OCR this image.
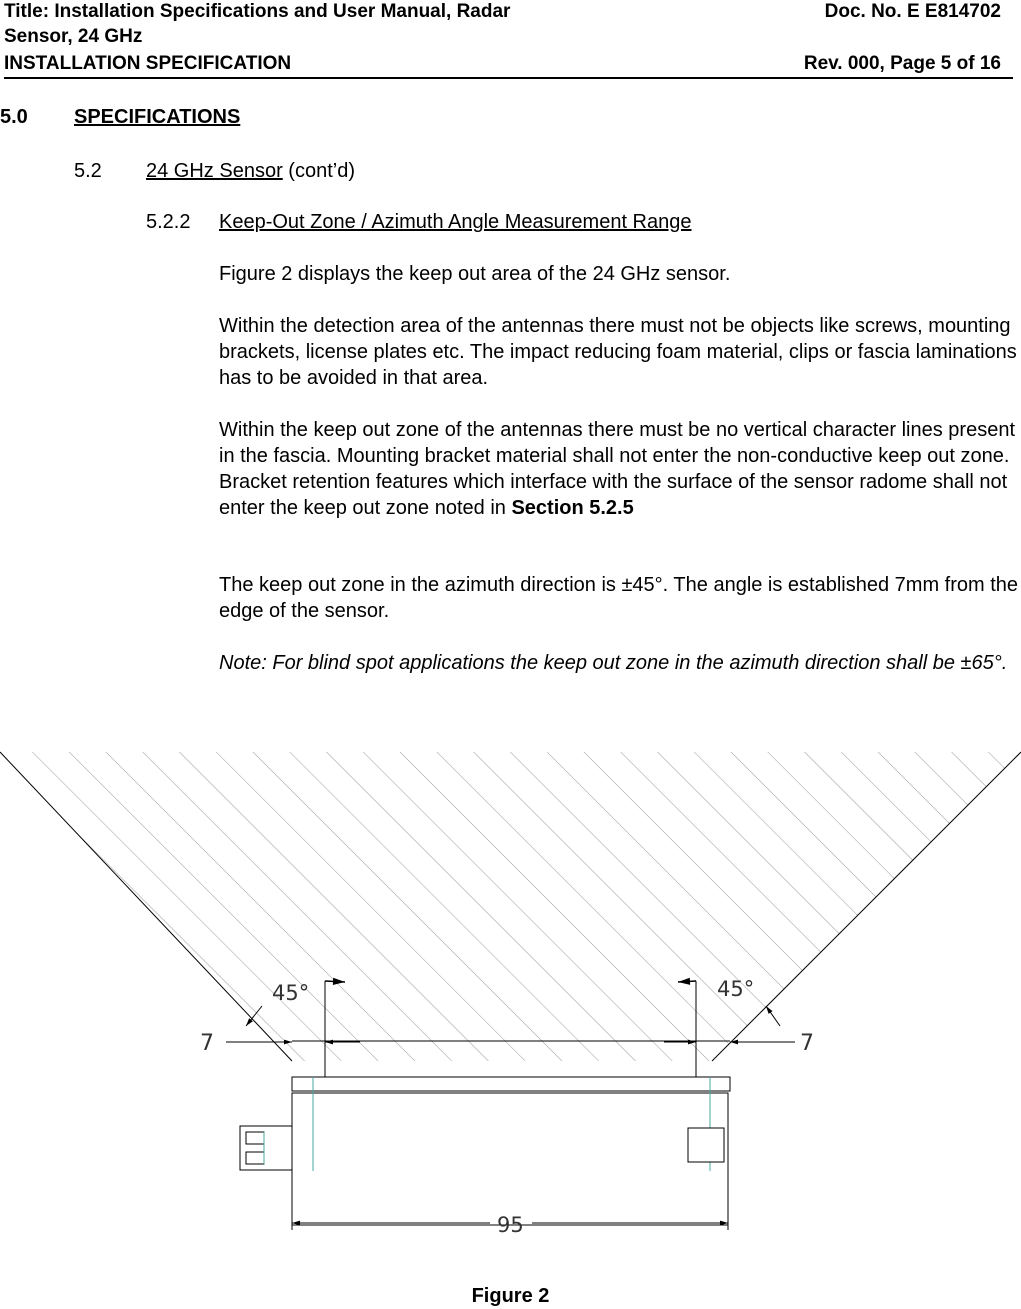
Title: Installation Specifications and User Manual, Radar
Sensor, 24 GHz
Doc. No. E E814702
INSTALLATION SPECIFICATION	Rev. 000, Page 5 of 16
5.0 SPECIFICATIONS
5.2 24 GHz Sensor (cont’d)
5.2.2 Keep-Out Zone / Azimuth Angle Measurement Range
Figure 2 displays the keep out area of the 24 GHz sensor.
Within the detection area of the antennas there must not be objects like screws, mounting brackets, license plates etc. The impact reducing foam material, clips or fascia laminations has to be avoided in that area.
Within the keep out zone of the antennas there must be no vertical character lines present in the fascia. Mounting bracket material shall not enter the non-conductive keep out zone. Bracket retention features which interface with the surface of the sensor radome shall not enter the keep out zone noted in Section 5.2.5
The keep out zone in the azimuth direction is ±45°. The angle is established 7mm from the edge of the sensor.
Note: For blind spot applications the keep out zone in the azimuth direction shall be ±65°.
45°	45°
7	7
95
Figure 2
